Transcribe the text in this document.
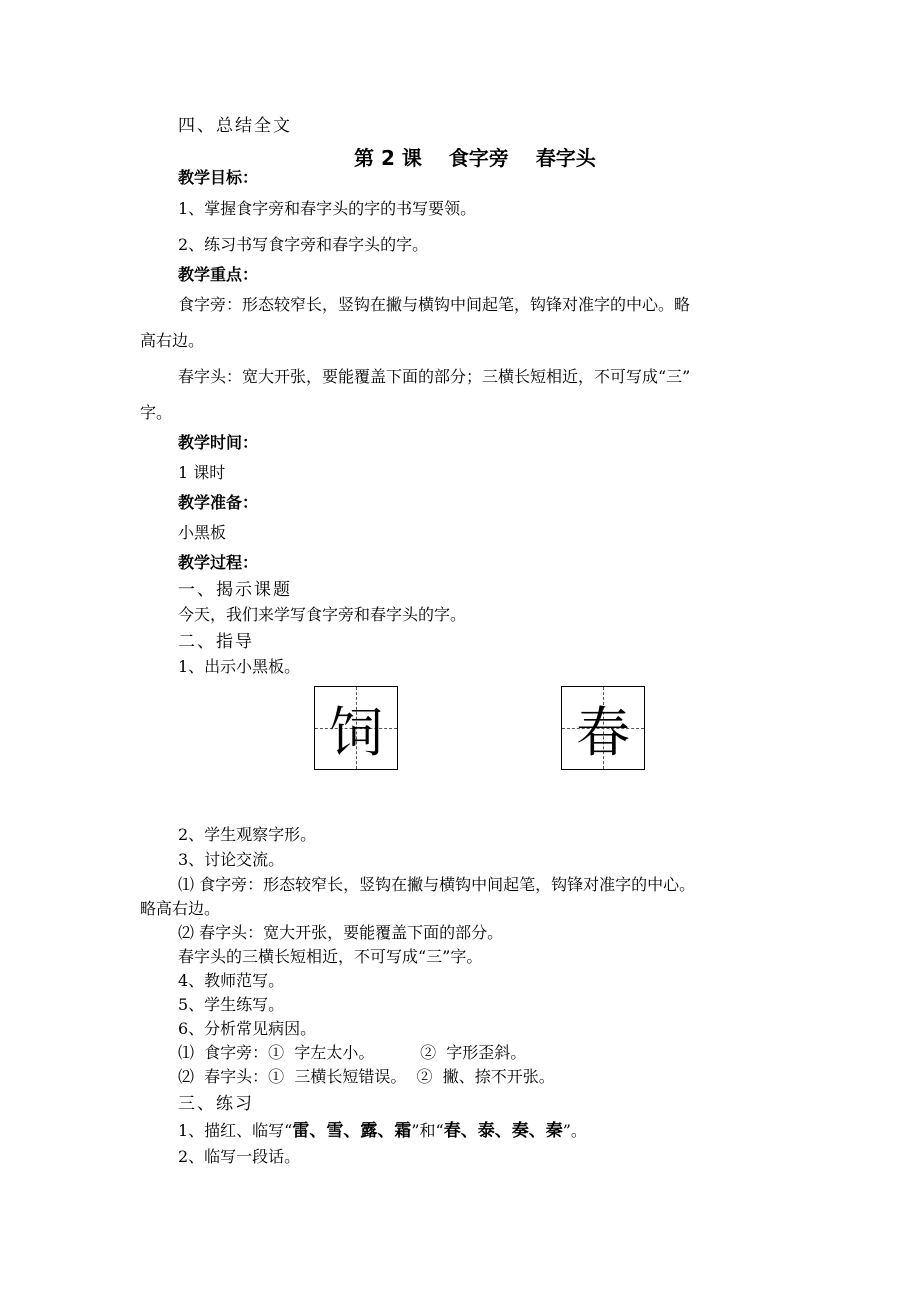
四、总结全文
第 2 课　 食字旁　 春字头
教学目标：
1、掌握食字旁和春字头的字的书写要领。
2、练习书写食字旁和春字头的字。
教学重点：
食字旁：形态较窄长，竖钩在撇与横钩中间起笔，钩锋对准字的中心。略
高右边。
春字头：宽大开张，要能覆盖下面的部分；三横长短相近，不可写成“三”
字。
教学时间：
1 课时
教学准备：
小黑板
教学过程：
一、揭示课题
今天，我们来学写食字旁和春字头的字。
二、指导
1、出示小黑板。
饲	春
2、学生观察字形。
3、讨论交流。
⑴ 食字旁：形态较窄长，竖钩在撇与横钩中间起笔，钩锋对准字的中心。
略高右边。
⑵ 春字头：宽大开张，要能覆盖下面的部分。
春字头的三横长短相近，不可写成“三”字。
4、教师范写。
5、学生练写。
6、分析常见病因。
⑴  食字旁：①  字左太小。         ②  字形歪斜。
⑵  春字头：①  三横长短错误。  ②  撇、捺不开张。
三、练习
1、描红、临写“雷、雪、露、霜”和“春、泰、奏、秦”。
2、临写一段话。
